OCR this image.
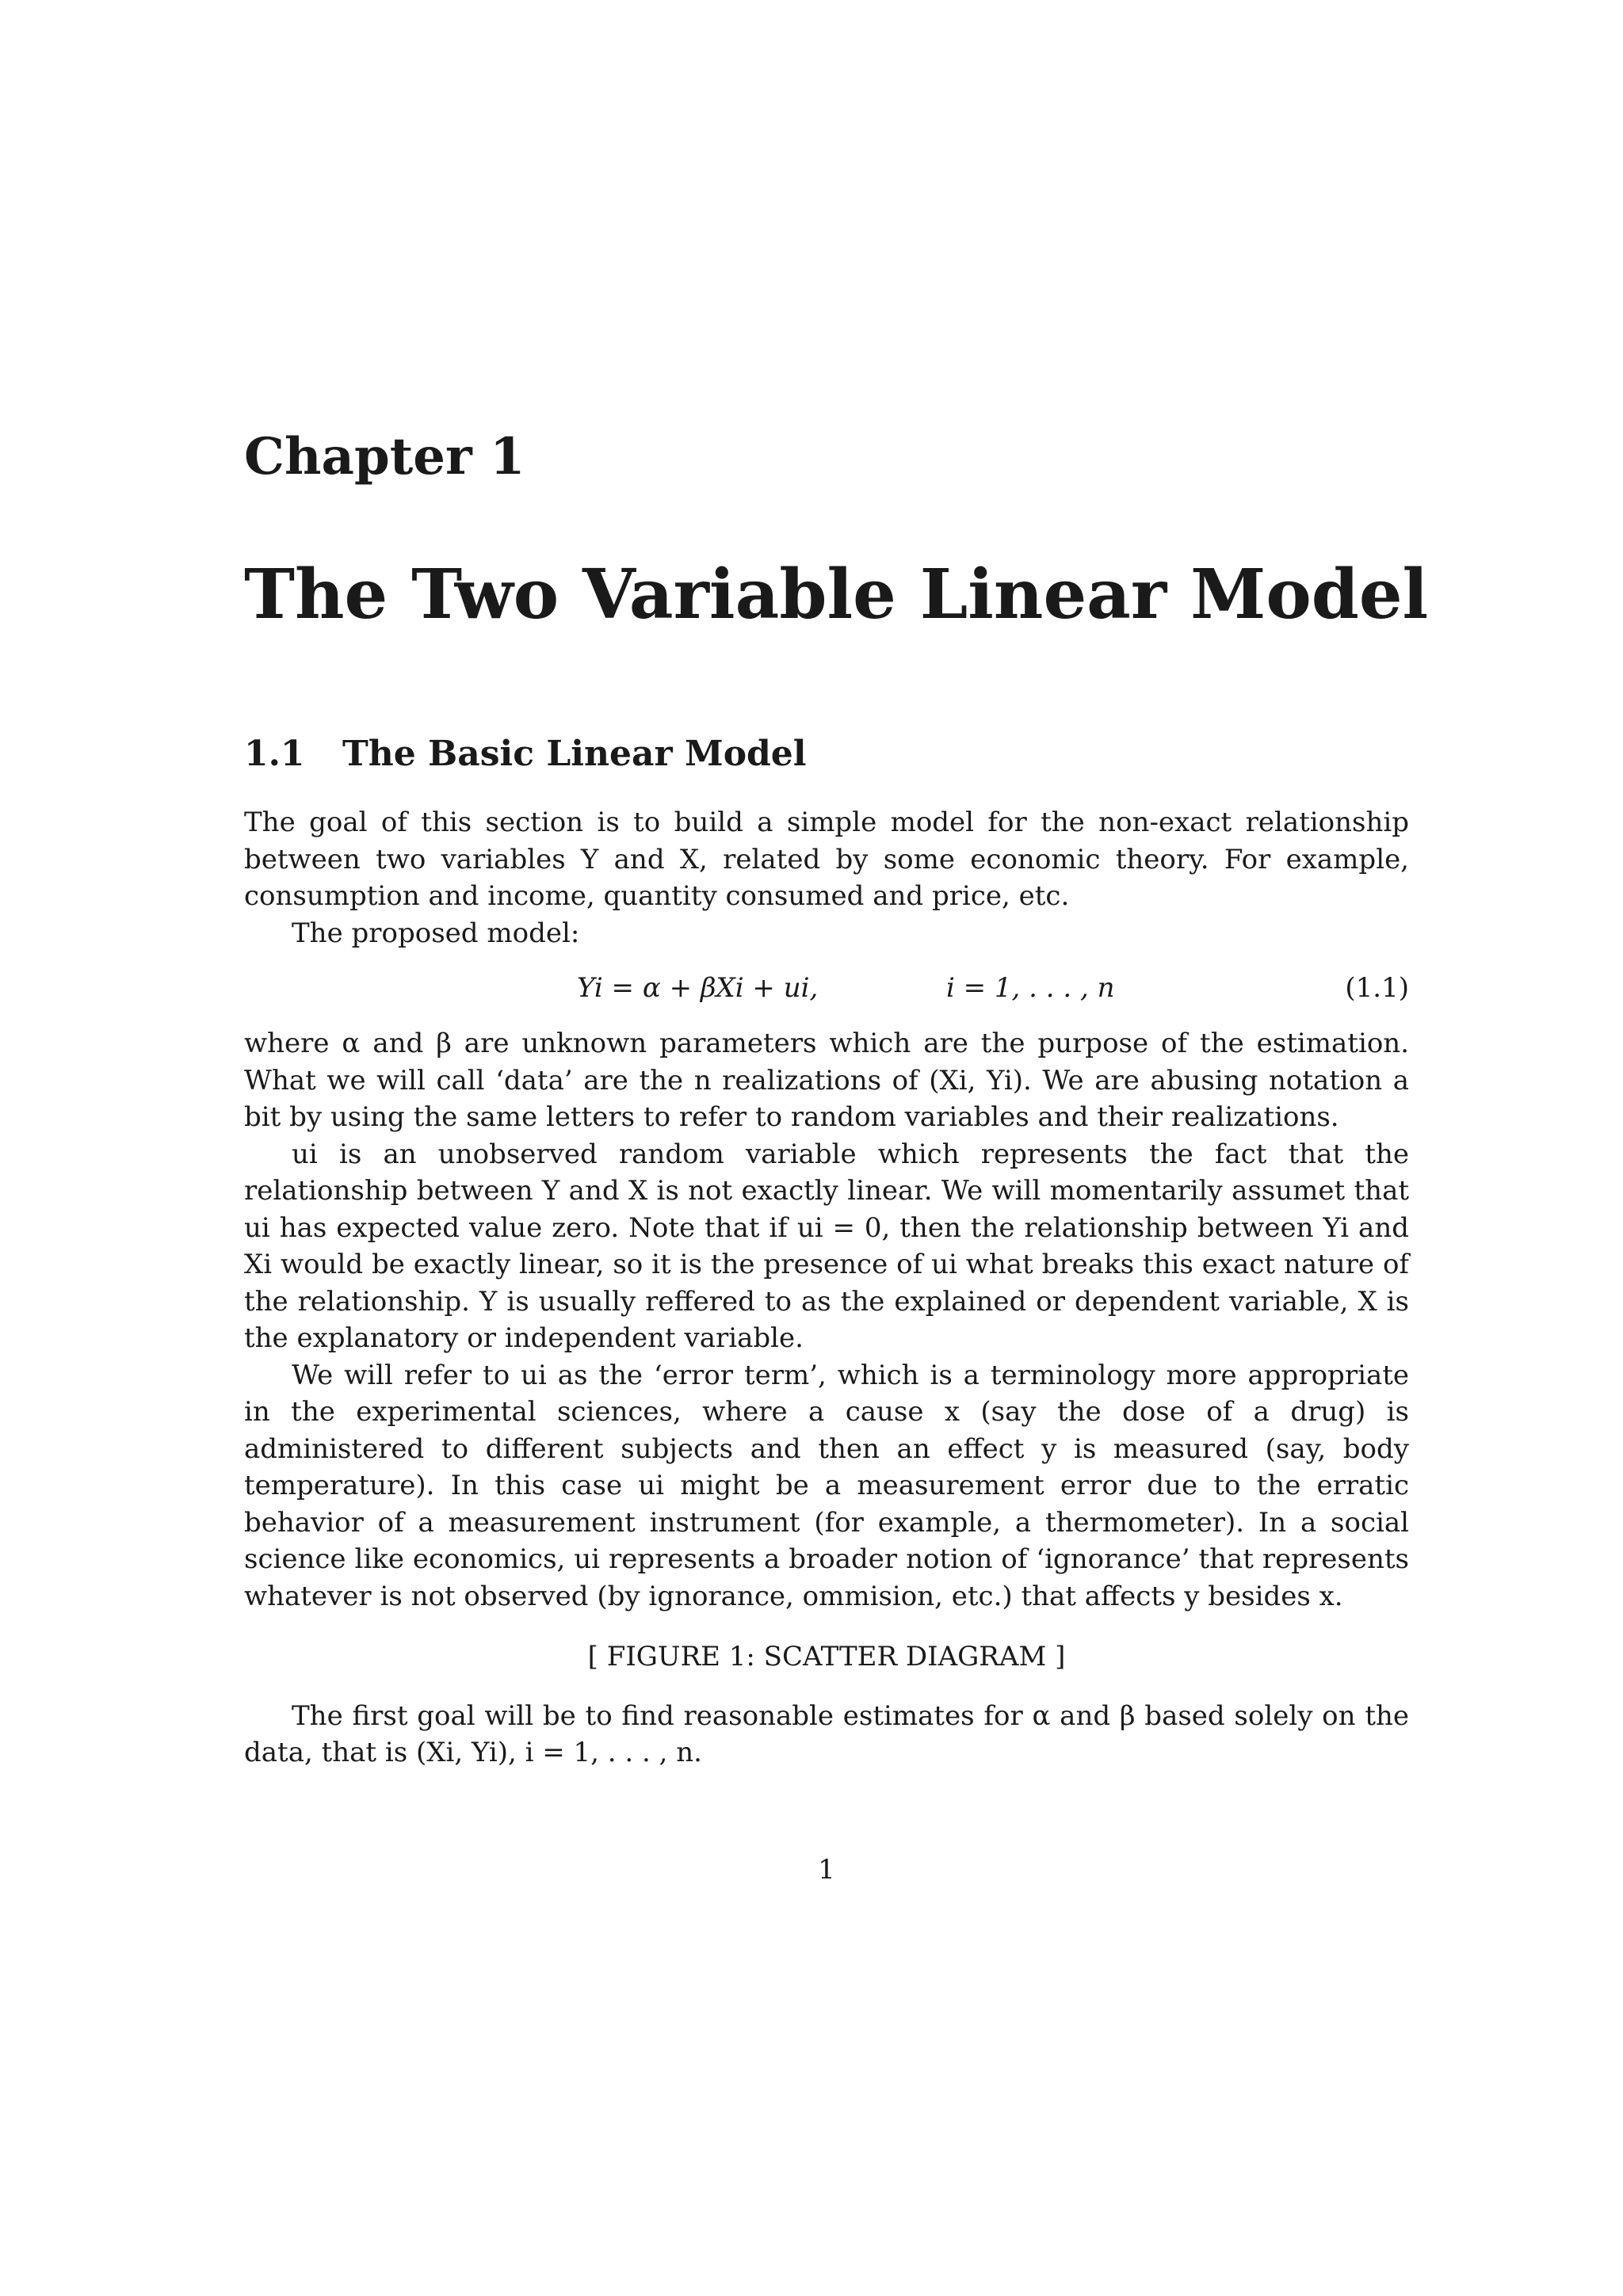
Chapter 1
The Two Variable Linear Model
1.1 The Basic Linear Model

The goal of this section is to build a simple model for the non-exact relationship between two variables Y and X, related by some economic theory. For example, consumption and income, quantity consumed and price, etc.

The proposed model:

Yi = α + βXi + ui,	i = 1, . . . , n	(1.1)

where α and β are unknown parameters which are the purpose of the estimation. What we will call ‘data’ are the n realizations of (Xi, Yi). We are abusing notation a bit by using the same letters to refer to random variables and their realizations.

ui is an unobserved random variable which represents the fact that the relationship between Y and X is not exactly linear. We will momentarily assumet that ui has expected value zero. Note that if ui = 0, then the relationship between Yi and Xi would be exactly linear, so it is the presence of ui what breaks this exact nature of the relationship. Y is usually reffered to as the explained or dependent variable, X is the explanatory or independent variable.

We will refer to ui as the ‘error term’, which is a terminology more appropriate in the experimental sciences, where a cause x (say the dose of a drug) is administered to different subjects and then an effect y is measured (say, body temperature). In this case ui might be a measurement error due to the erratic behavior of a measurement instrument (for example, a thermometer). In a social science like economics, ui represents a broader notion of ‘ignorance’ that represents whatever is not observed (by ignorance, ommision, etc.) that affects y besides x.

[ FIGURE 1: SCATTER DIAGRAM ]

The first goal will be to find reasonable estimates for α and β based solely on the data, that is (Xi, Yi), i = 1, . . . , n.

1
